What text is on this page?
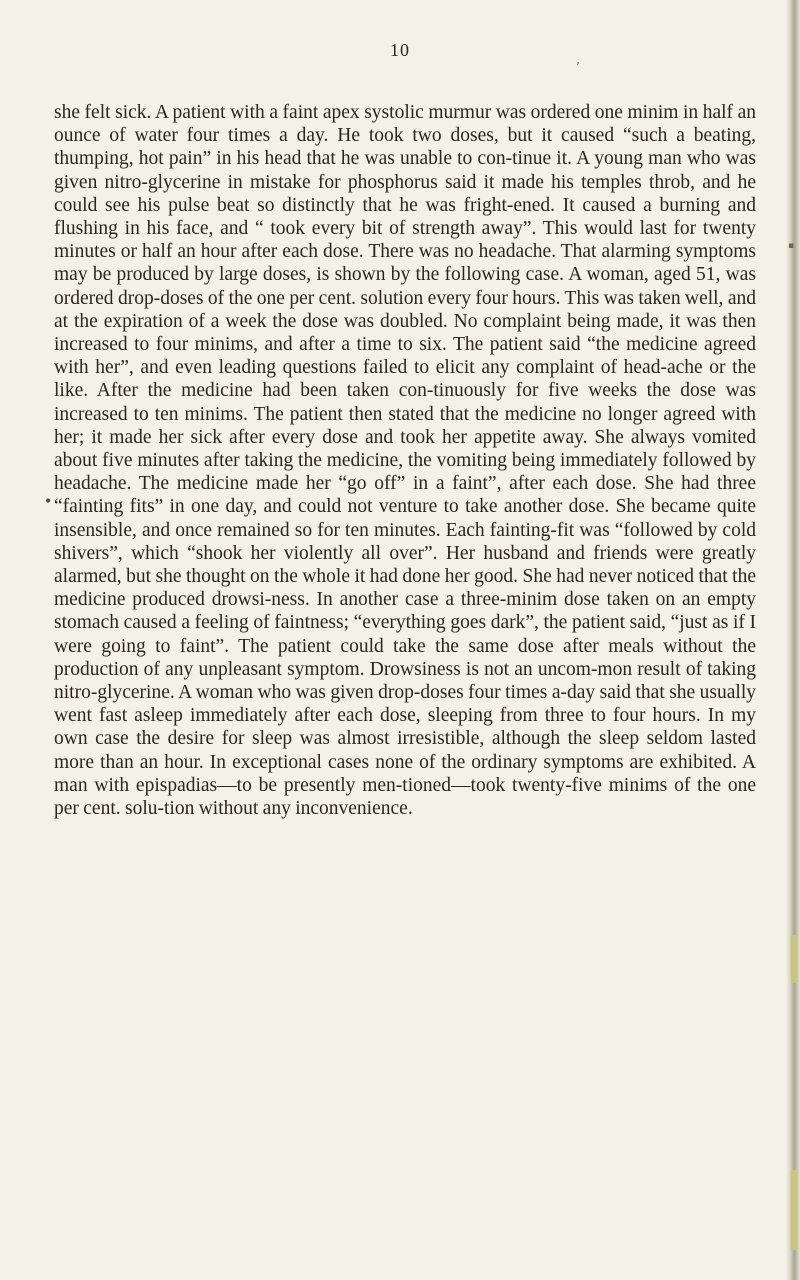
’
▪
•
10

she felt sick. A patient with a faint apex systolic murmur was ordered one minim in half an ounce of water four times a day. He took two doses, but it caused “such a beating, thumping, hot pain” in his head that he was unable to con-tinue it. A young man who was given nitro-glycerine in mistake for phosphorus said it made his temples throb, and he could see his pulse beat so distinctly that he was fright-ened. It caused a burning and flushing in his face, and “ took every bit of strength away”. This would last for twenty minutes or half an hour after each dose. There was no headache. That alarming symptoms may be produced by large doses, is shown by the following case. A woman, aged 51, was ordered drop-doses of the one per cent. solution every four hours. This was taken well, and at the expiration of a week the dose was doubled. No complaint being made, it was then increased to four minims, and after a time to six. The patient said “the medicine agreed with her”, and even leading questions failed to elicit any complaint of head-ache or the like. After the medicine had been taken con-tinuously for five weeks the dose was increased to ten minims. The patient then stated that the medicine no longer agreed with her; it made her sick after every dose and took her appetite away. She always vomited about five minutes after taking the medicine, the vomiting being immediately followed by headache. The medicine made her “go off” in a faint”, after each dose. She had three “fainting fits” in one day, and could not venture to take another dose. She became quite insensible, and once remained so for ten minutes. Each fainting-fit was “followed by cold shivers”, which “shook her violently all over”. Her husband and friends were greatly alarmed, but she thought on the whole it had done her good. She had never noticed that the medicine produced drowsi-ness. In another case a three-minim dose taken on an empty stomach caused a feeling of faintness; “everything goes dark”, the patient said, “just as if I were going to faint”. The patient could take the same dose after meals without the production of any unpleasant symptom. Drowsiness is not an uncom-mon result of taking nitro-glycerine. A woman who was given drop-doses four times a-day said that she usually went fast asleep immediately after each dose, sleeping from three to four hours. In my own case the desire for sleep was almost irresistible, although the sleep seldom lasted more than an hour. In exceptional cases none of the ordinary symptoms are exhibited. A man with epispadias—to be presently men-tioned—took twenty-five minims of the one per cent. solu-tion without any inconvenience.
